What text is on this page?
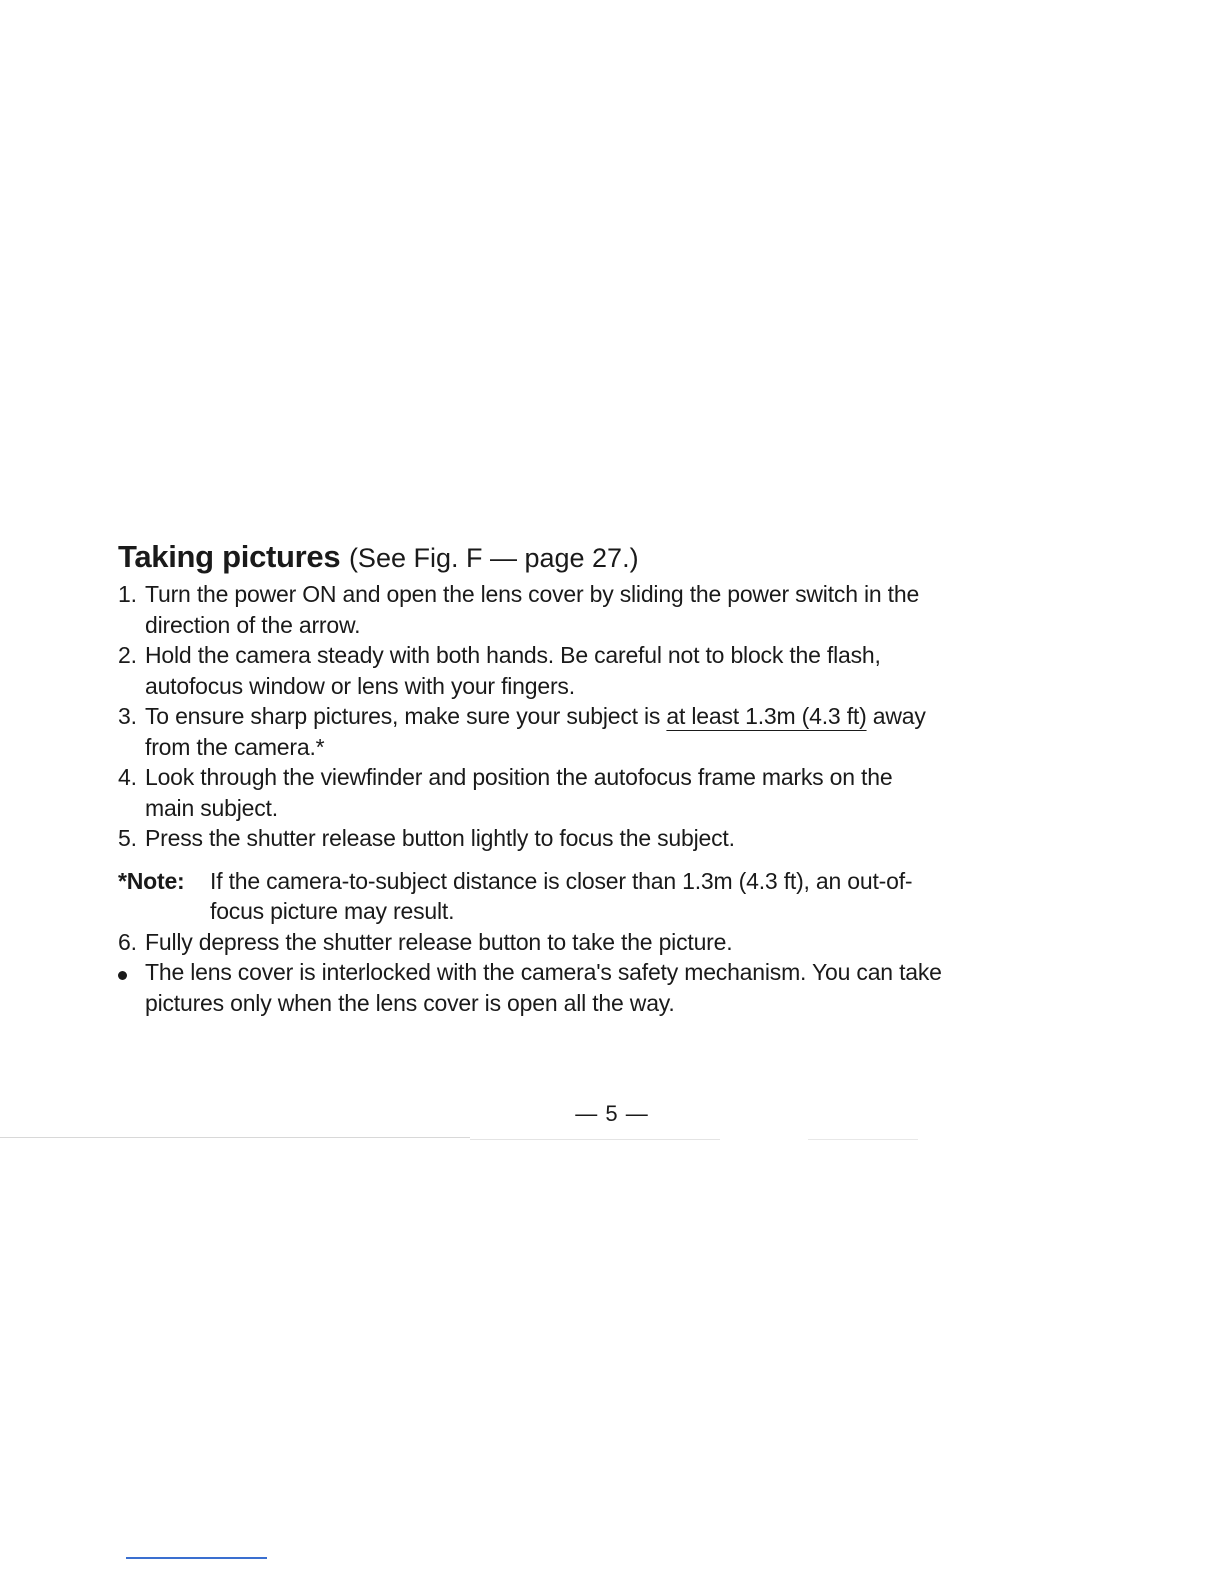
Taking pictures (See Fig. F — page 27.)
1. Turn the power ON and open the lens cover by sliding the power switch in the
direction of the arrow.
2. Hold the camera steady with both hands. Be careful not to block the flash,
autofocus window or lens with your fingers.
3. To ensure sharp pictures, make sure your subject is at least 1.3m (4.3 ft) away
from the camera.*
4. Look through the viewfinder and position the autofocus frame marks on the
main subject.
5. Press the shutter release button lightly to focus the subject.
*Note: If the camera-to-subject distance is closer than 1.3m (4.3 ft), an out-of-
focus picture may result.
6. Fully depress the shutter release button to take the picture.
The lens cover is interlocked with the camera's safety mechanism. You can take
pictures only when the lens cover is open all the way.
— 5 —
